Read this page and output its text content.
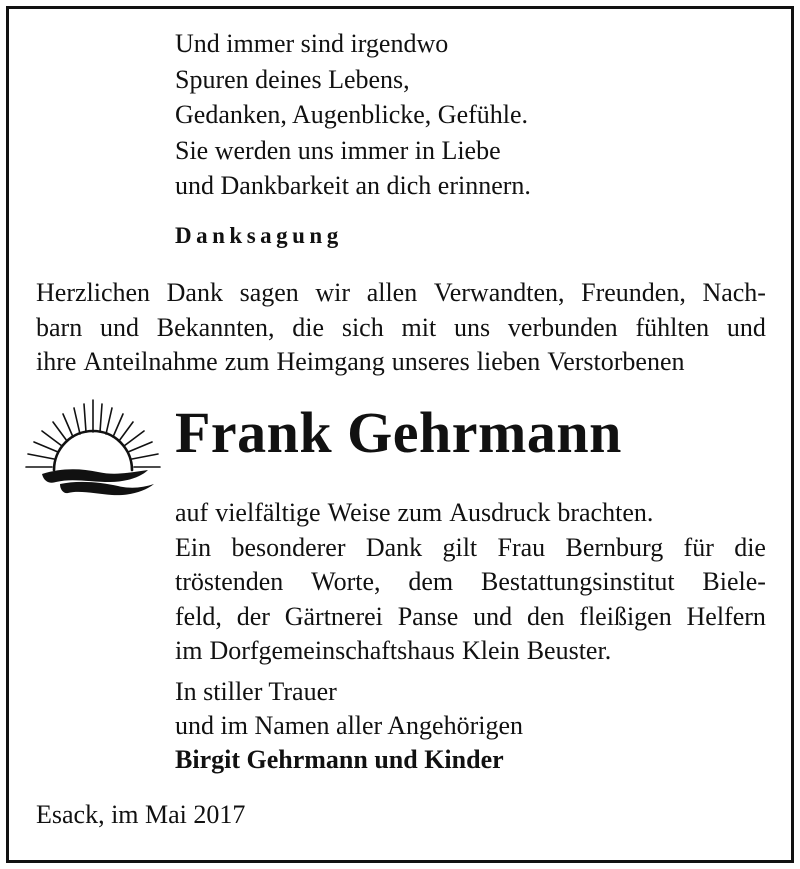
Und immer sind irgendwo
Spuren deines Lebens,
Gedanken, Augenblicke, Gefühle.
Sie werden uns immer in Liebe
und Dankbarkeit an dich erinnern.
Danksagung
Herzlichen Dank sagen wir allen Verwandten, Freunden, Nach-
barn und Bekannten, die sich mit uns verbunden fühlten und
ihre Anteilnahme zum Heimgang unseres lieben Verstorbenen
Frank Gehrmann
auf vielfältige Weise zum Ausdruck brachten.
Ein besonderer Dank gilt Frau Bernburg für die
tröstenden Worte, dem Bestattungsinstitut Biele-
feld, der Gärtnerei Panse und den fleißigen Helfern
im Dorfgemeinschaftshaus Klein Beuster.
In stiller Trauer
und im Namen aller Angehörigen
Birgit Gehrmann und Kinder
Esack, im Mai 2017
